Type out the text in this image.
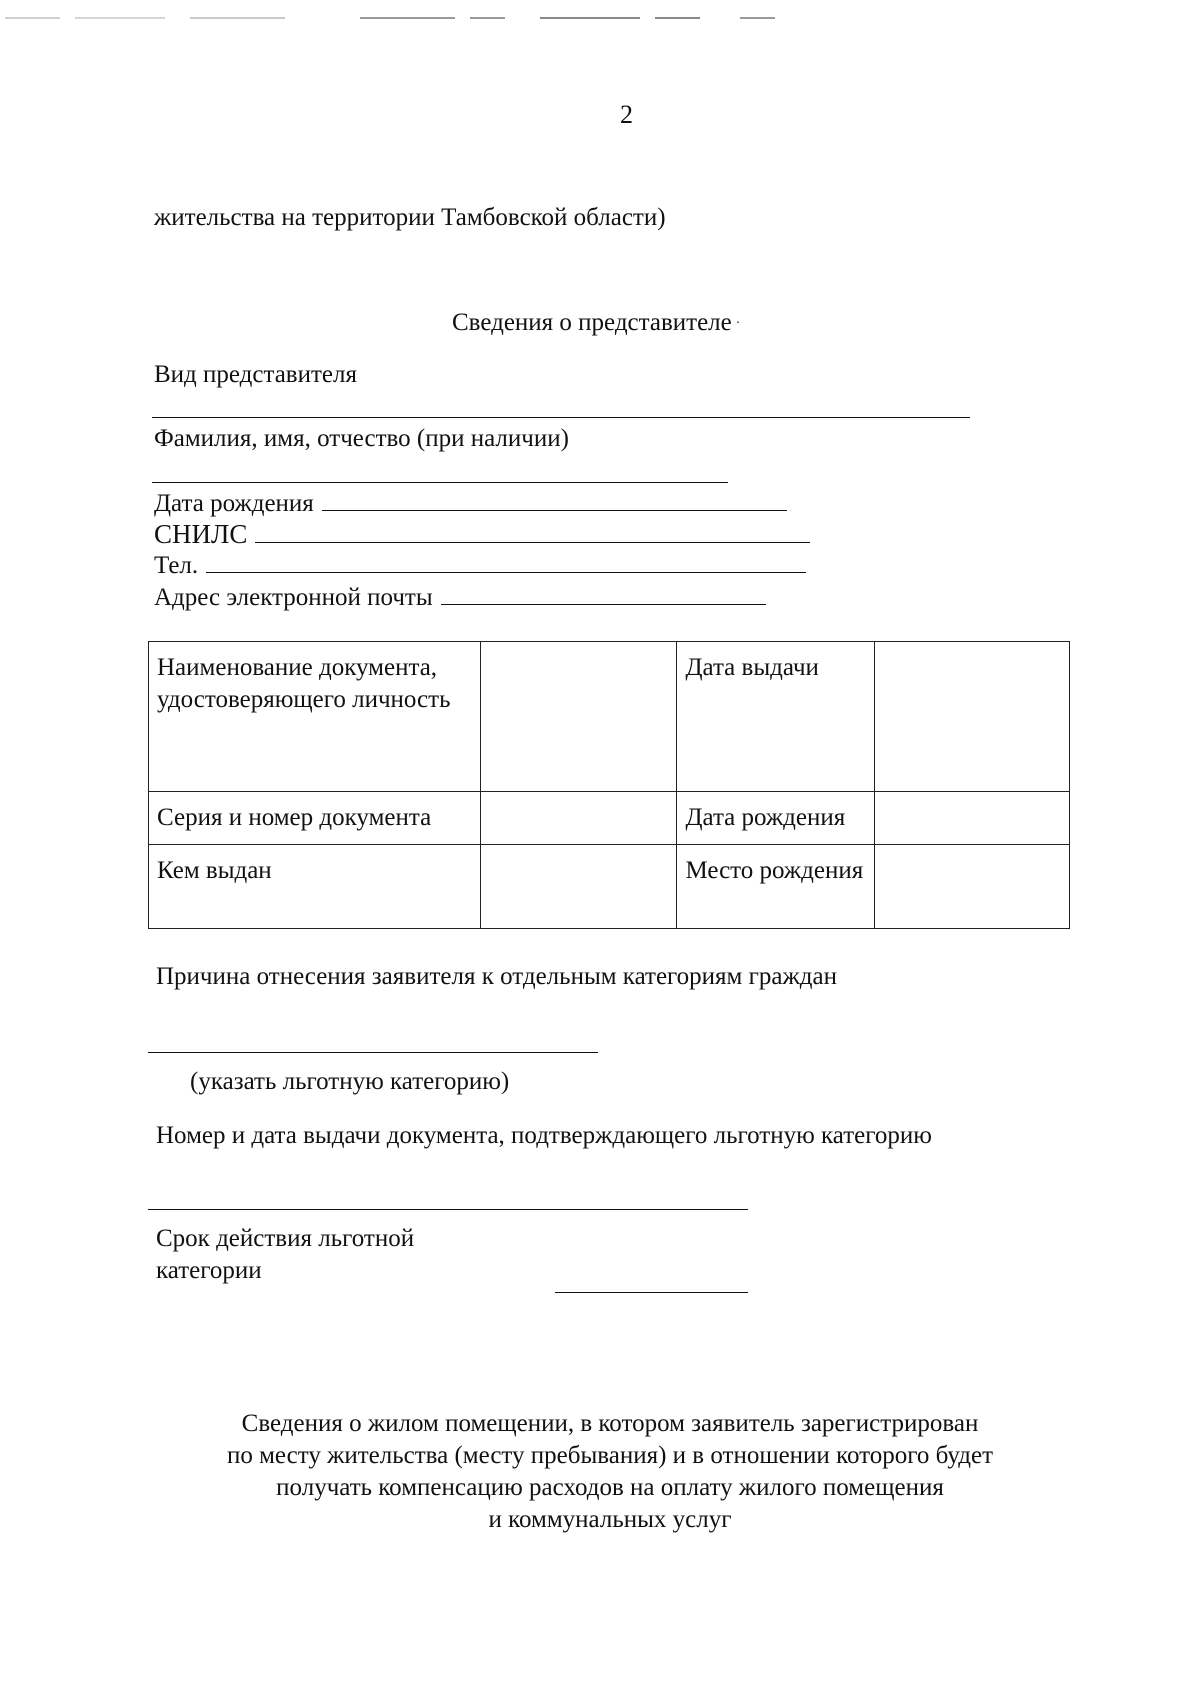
2
жительства на территории Тамбовской области)
Сведения о представителе ·
Вид представителя
Фамилия, имя, отчество (при наличии)
Дата рождения
СНИЛС
Тел.
Адрес электронной почты
Наименование документа, удостоверяющего личность		Дата выдачи	
Серия и номер документа		Дата рождения	
Кем выдан		Место рождения	
Причина отнесения заявителя к отдельным категориям граждан
(указать льготную категорию)
Номер и дата выдачи документа, подтверждающего льготную категорию
Срок действия льготной
категории
Сведения о жилом помещении, в котором заявитель зарегистрирован
по месту жительства (месту пребывания) и в отношении которого будет
получать компенсацию расходов на оплату жилого помещения
и коммунальных услуг
